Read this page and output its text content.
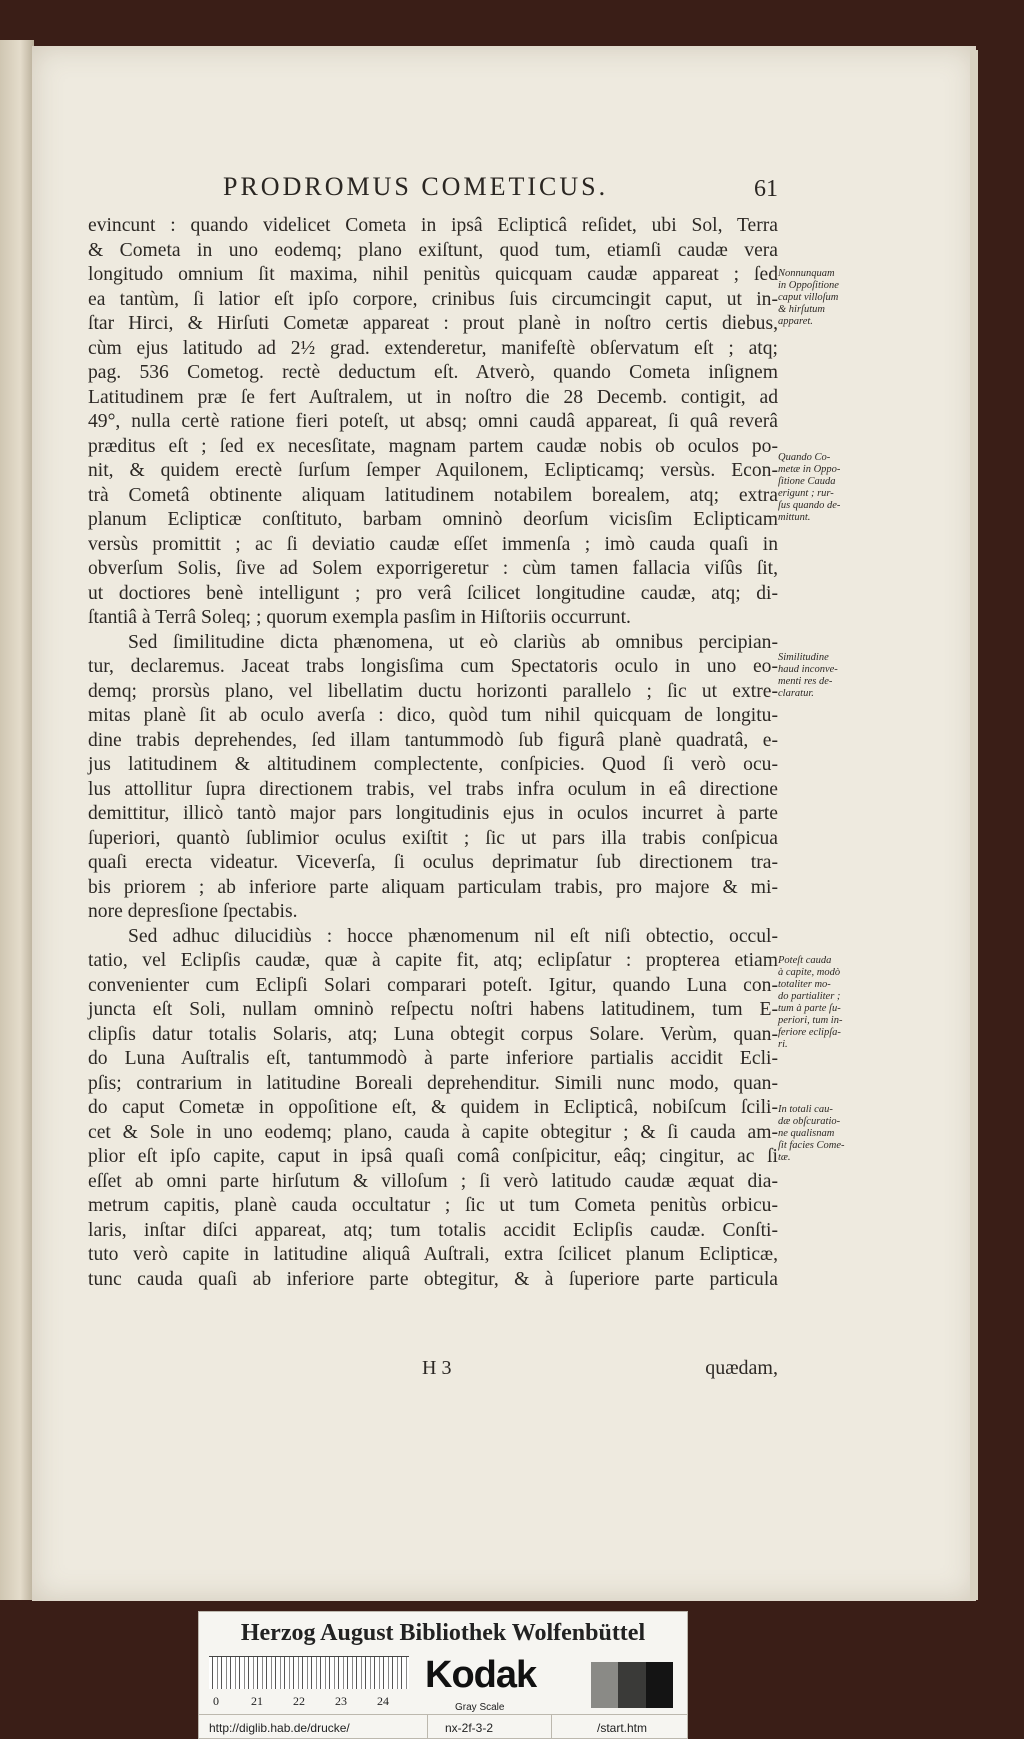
PRODROMUS COMETICUS.	61
evincunt : quando videlicet Cometa in ipsâ Eclipticâ reſidet, ubi Sol, Terra
& Cometa in uno eodemq; plano exiſtunt, quod tum, etiamſi caudæ vera
longitudo omnium ſit maxima, nihil penitùs quicquam caudæ appareat ; ſed
ea tantùm, ſi latior eſt ipſo corpore, crinibus ſuis circumcingit caput, ut in-
ſtar Hirci, & Hirſuti Cometæ appareat : prout planè in noſtro certis diebus,
cùm ejus latitudo ad 2½ grad. extenderetur, manifeſtè obſervatum eſt ; atq;
pag. 536 Cometog. rectè deductum eſt. Atverò, quando Cometa inſignem
Latitudinem præ ſe fert Auſtralem, ut in noſtro die 28 Decemb. contigit, ad
49°, nulla certè ratione fieri poteſt, ut absq; omni caudâ appareat, ſi quâ reverâ
præditus eſt ; ſed ex necesſitate, magnam partem caudæ nobis ob oculos po-
nit, & quidem erectè ſurſum ſemper Aquilonem, Eclipticamq; versùs. Econ-
trà Cometâ obtinente aliquam latitudinem notabilem borealem, atq; extra
planum Eclipticæ conſtituto, barbam omninò deorſum vicisſim Eclipticam
versùs promittit ; ac ſi deviatio caudæ eſſet immenſa ; imò cauda quaſi in
obverſum Solis, ſive ad Solem exporrigeretur : cùm tamen fallacia viſûs ſit,
ut doctiores benè intelligunt ; pro verâ ſcilicet longitudine caudæ, atq; di-
ſtantiâ à Terrâ Soleq; ; quorum exempla pasſim in Hiſtoriis occurrunt.
Sed ſimilitudine dicta phænomena, ut eò clariùs ab omnibus percipian-
tur, declaremus. Jaceat trabs longisſima cum Spectatoris oculo in uno eo-
demq; prorsùs plano, vel libellatim ductu horizonti parallelo ; ſic ut extre-
mitas planè ſit ab oculo averſa : dico, quòd tum nihil quicquam de longitu-
dine trabis deprehendes, ſed illam tantummodò ſub figurâ planè quadratâ, e-
jus latitudinem & altitudinem complectente, conſpicies. Quod ſi verò ocu-
lus attollitur ſupra directionem trabis, vel trabs infra oculum in eâ directione
demittitur, illicò tantò major pars longitudinis ejus in oculos incurret à parte
ſuperiori, quantò ſublimior oculus exiſtit ; ſic ut pars illa trabis conſpicua
quaſi erecta videatur. Viceverſa, ſi oculus deprimatur ſub directionem tra-
bis priorem ; ab inferiore parte aliquam particulam trabis, pro majore & mi-
nore depresſione ſpectabis.
Sed adhuc dilucidiùs : hocce phænomenum nil eſt niſi obtectio, occul-
tatio, vel Eclipſis caudæ, quæ à capite fit, atq; eclipſatur : propterea etiam
convenienter cum Eclipſi Solari comparari poteſt. Igitur, quando Luna con-
juncta eſt Soli, nullam omninò reſpectu noſtri habens latitudinem, tum E-
clipſis datur totalis Solaris, atq; Luna obtegit corpus Solare. Verùm, quan-
do Luna Auſtralis eſt, tantummodò à parte inferiore partialis accidit Ecli-
pſis; contrarium in latitudine Boreali deprehenditur. Simili nunc modo, quan-
do caput Cometæ in oppoſitione eſt, & quidem in Eclipticâ, nobiſcum ſcili-
cet & Sole in uno eodemq; plano, cauda à capite obtegitur ; & ſi cauda am-
plior eſt ipſo capite, caput in ipsâ quaſi comâ conſpicitur, eâq; cingitur, ac ſi
eſſet ab omni parte hirſutum & villoſum ; ſi verò latitudo caudæ æquat dia-
metrum capitis, planè cauda occultatur ; ſic ut tum Cometa penitùs orbicu-
laris, inſtar diſci appareat, atq; tum totalis accidit Eclipſis caudæ. Conſti-
tuto verò capite in latitudine aliquâ Auſtrali, extra ſcilicet planum Eclipticæ,
tunc cauda quaſi ab inferiore parte obtegitur, & à ſuperiore parte particula
Nonnunquam
in Oppoſitione
caput villoſum
& hirſutum
apparet.
Quando Co-
metæ in Oppo-
ſitione Cauda
erigunt ; rur-
ſus quando de-
mittunt.
Similitudine
haud inconve-
menti res de-
claratur.
Poteſt cauda
à capite, modò
totaliter mo-
do partialiter ;
tum à parte ſu-
periori, tum in-
feriore eclipſa-
ri.
In totali cau-
dæ obſcuratio-
ne qualisnam
ſit facies Come-
tæ.
H 3	quædam,
Herzog August Bibliothek Wolfenbüttel
0	21	22	23	24
Kodak
Gray Scale
http://diglib.hab.de/drucke/	nx-2f-3-2	/start.htm
